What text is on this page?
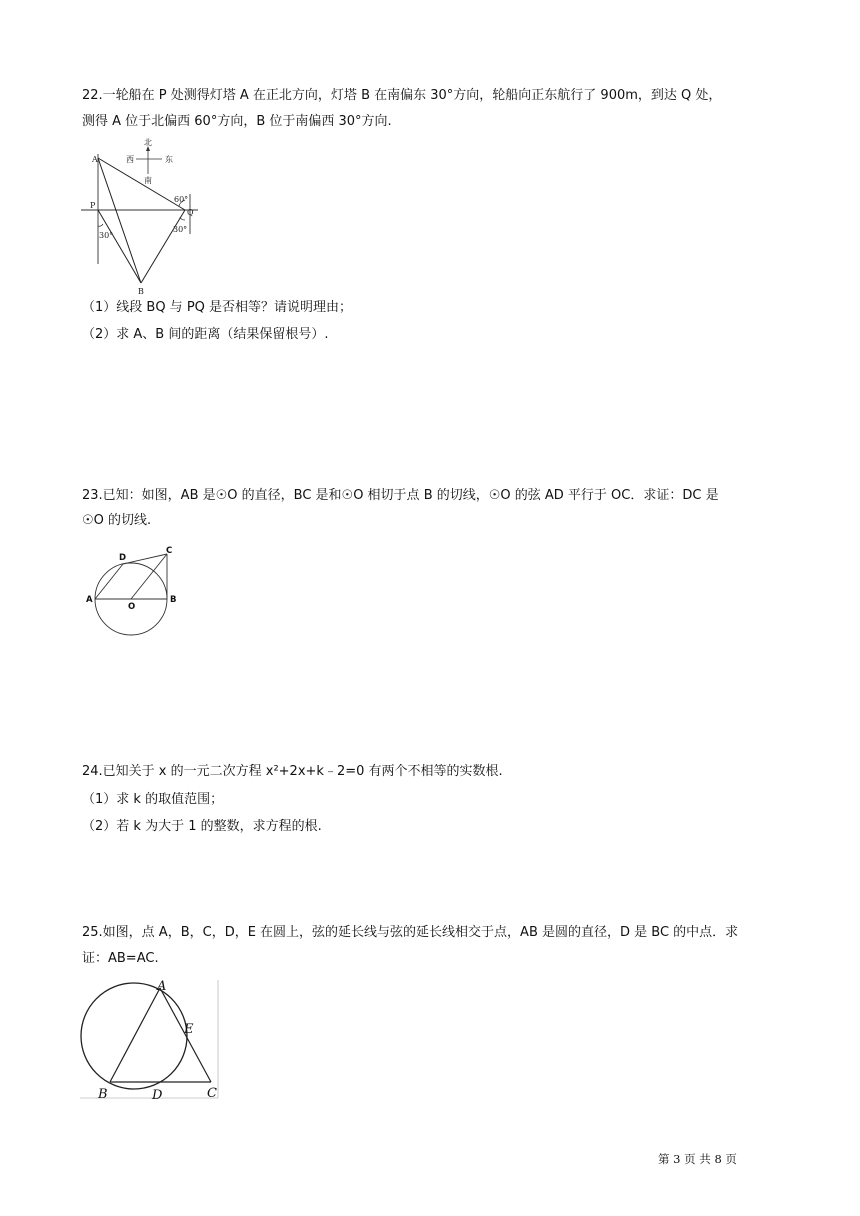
22.一轮船在 P 处测得灯塔 A 在正北方向，灯塔 B 在南偏东 30°方向，轮船向正东航行了 900m，到达 Q 处，
测得 A 位于北偏西 60°方向，B 位于南偏西 30°方向.
北
南
西	东
A
P
Q
B
60°
30°
30°
（1）线段 BQ 与 PQ 是否相等？请说明理由；
（2）求 A、B 间的距离（结果保留根号）.
23.已知：如图，AB 是☉O 的直径，BC 是和☉O 相切于点 B 的切线，☉O 的弦 AD 平行于 OC．求证：DC 是
☉O 的切线.
A	B
C
D
O
24.已知关于 x 的一元二次方程 x²+2x+k﹣2=0 有两个不相等的实数根.
（1）求 k 的取值范围；
（2）若 k 为大于 1 的整数，求方程的根.
25.如图，点 A，B，C，D，E 在圆上，弦的延长线与弦的延长线相交于点，AB 是圆的直径，D 是 BC 的中点．求
证：AB=AC.
A
E
B	D	C
第 3 页 共 8 页
